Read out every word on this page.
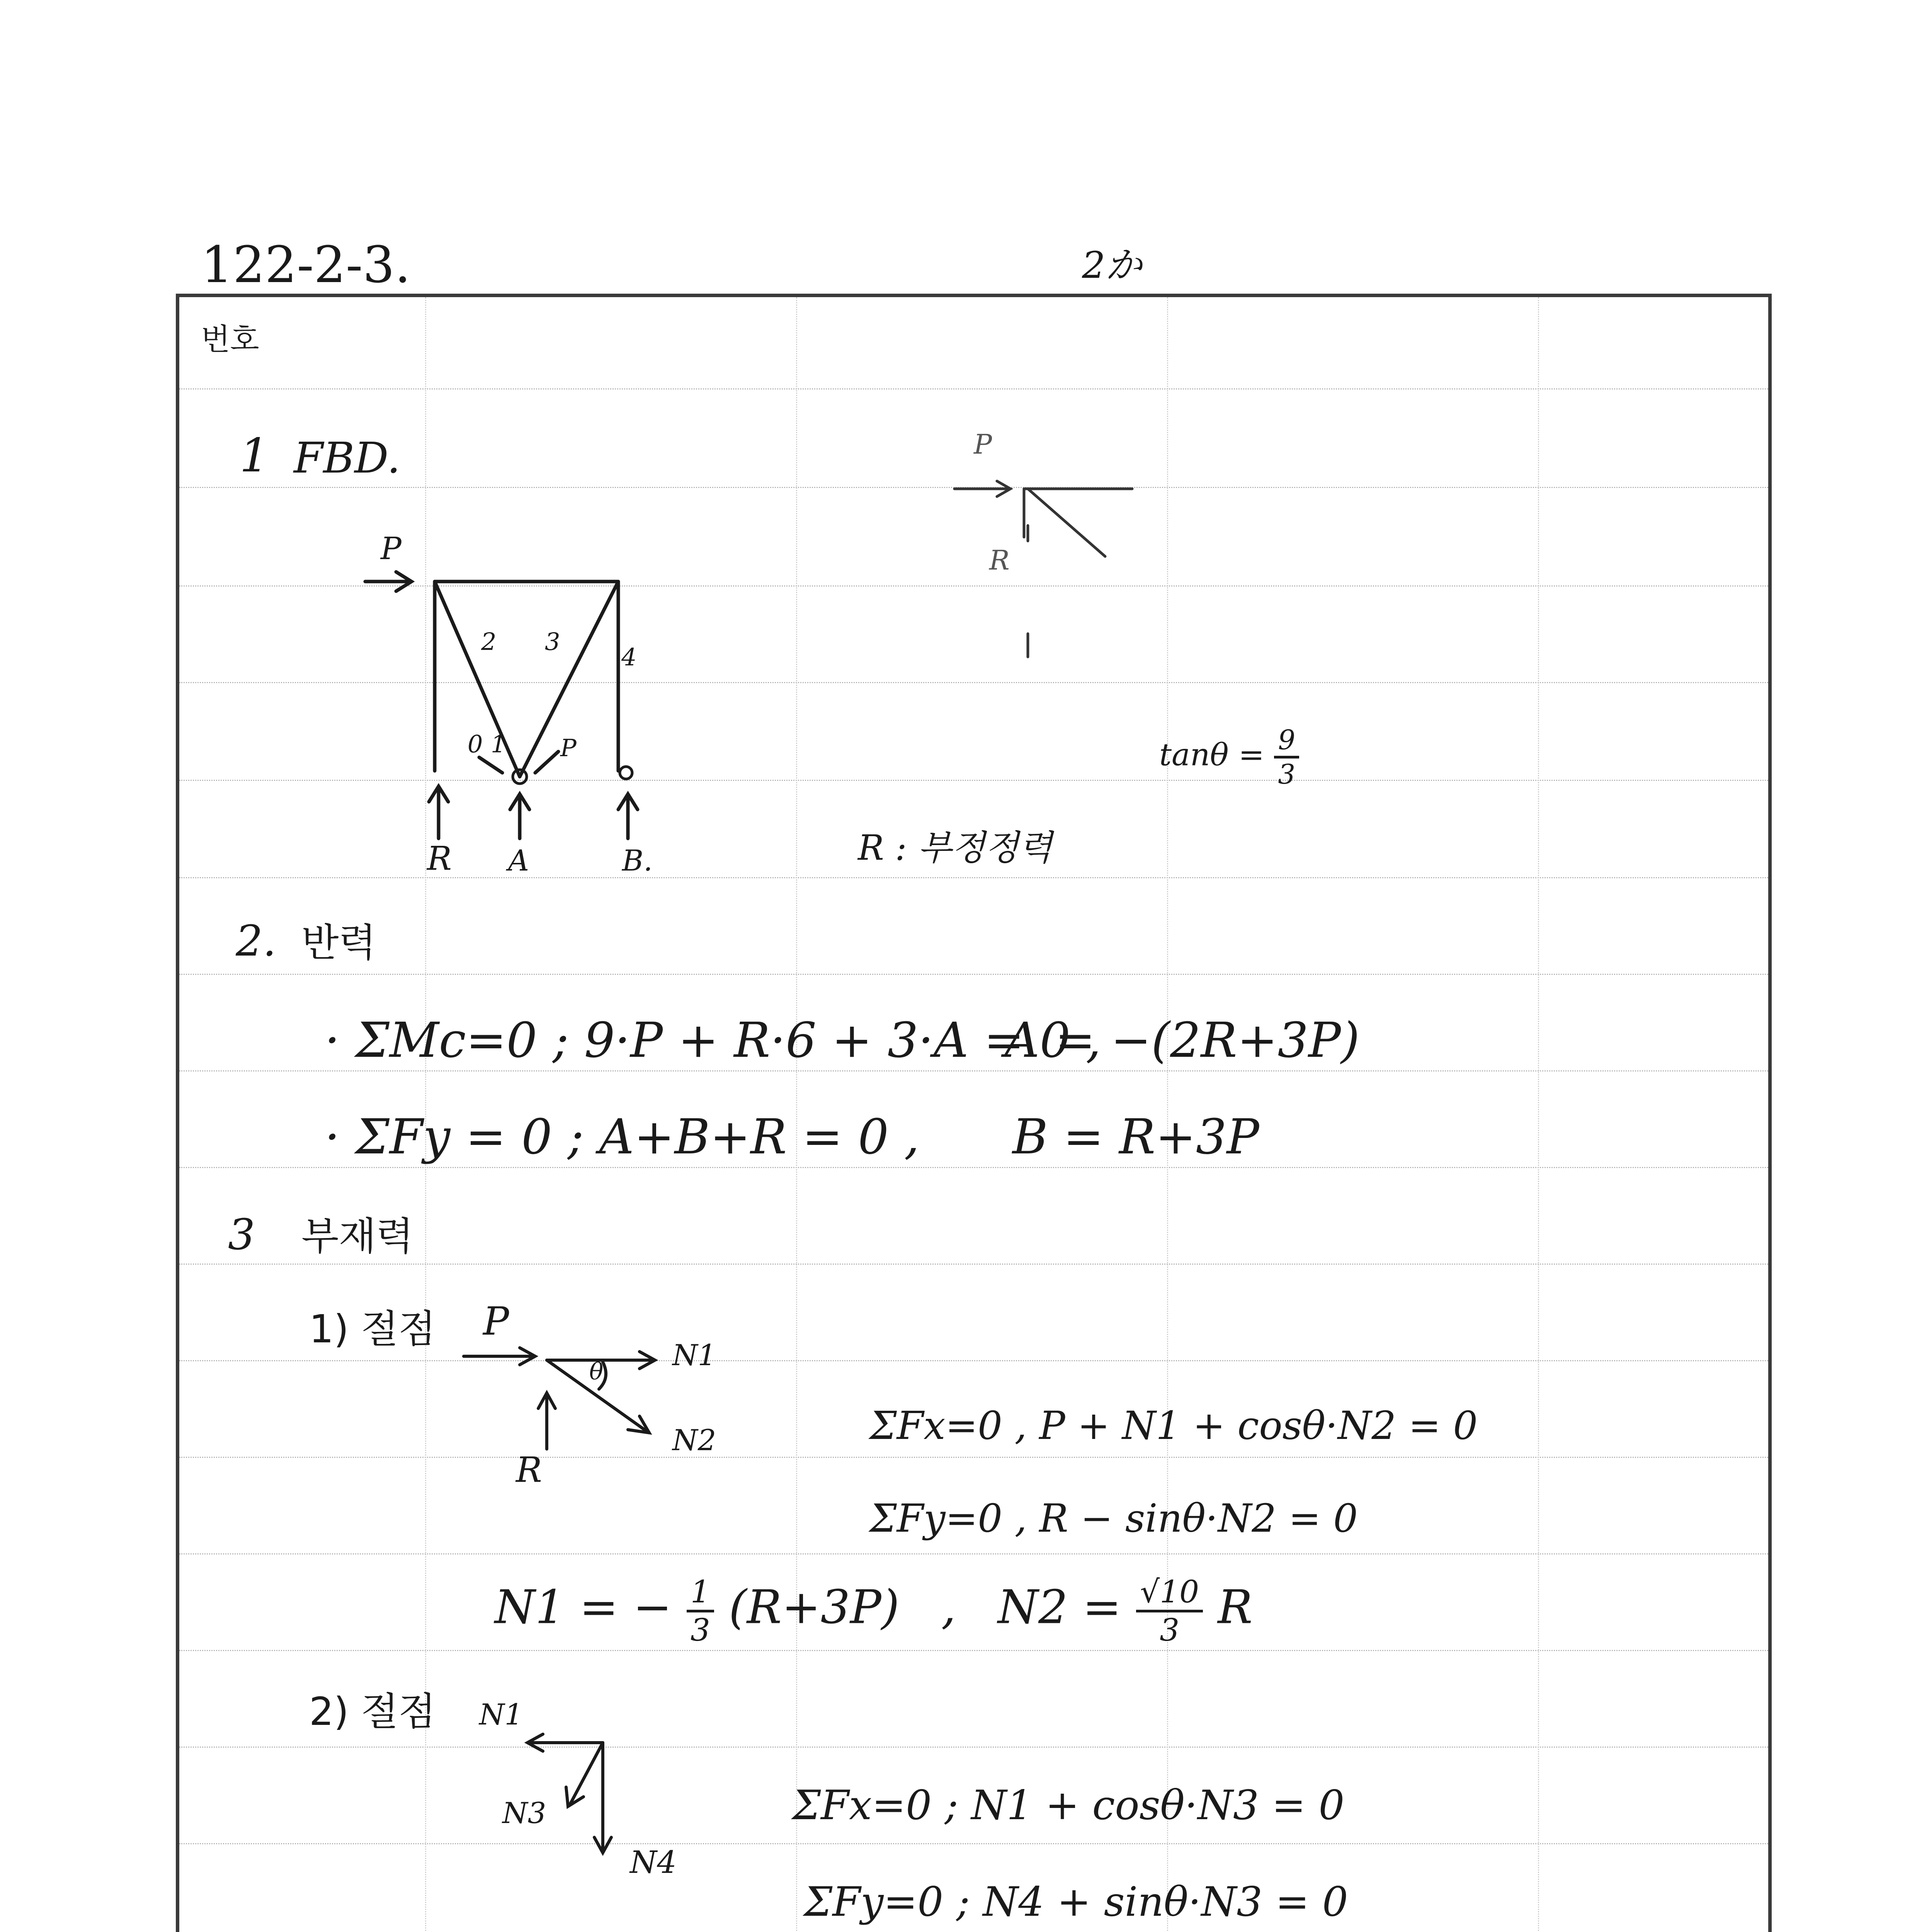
122-2-3.	2か
번호
1 FBD.
P
2 3
4
0 1 P
R A	B.
P
R
$\tan\theta = \frac{9}{3}$
R : 부정정력
2. 반력
· ΣMc=0 ; 9·P + R·6 + 3·A = 0 ,
A = −(2R+3P)
· ΣFy = 0 ; A+B+R = 0 , B = R+3P
3 부재력
1) 절점 P
N1
θ
N2
R
ΣFx=0 , P + N1 + cosθ·N2 = 0
ΣFy=0 , R − sinθ·N2 = 0
N1 = − $\frac{1}{3} (R+3P)$ , $N2 = \frac{√10}{3}$ R
2) 절점 N1
N3
N4
ΣFx=0 ; N1 + cosθ·N3 = 0
ΣFy=0 ; N4 + sinθ·N3 = 0
